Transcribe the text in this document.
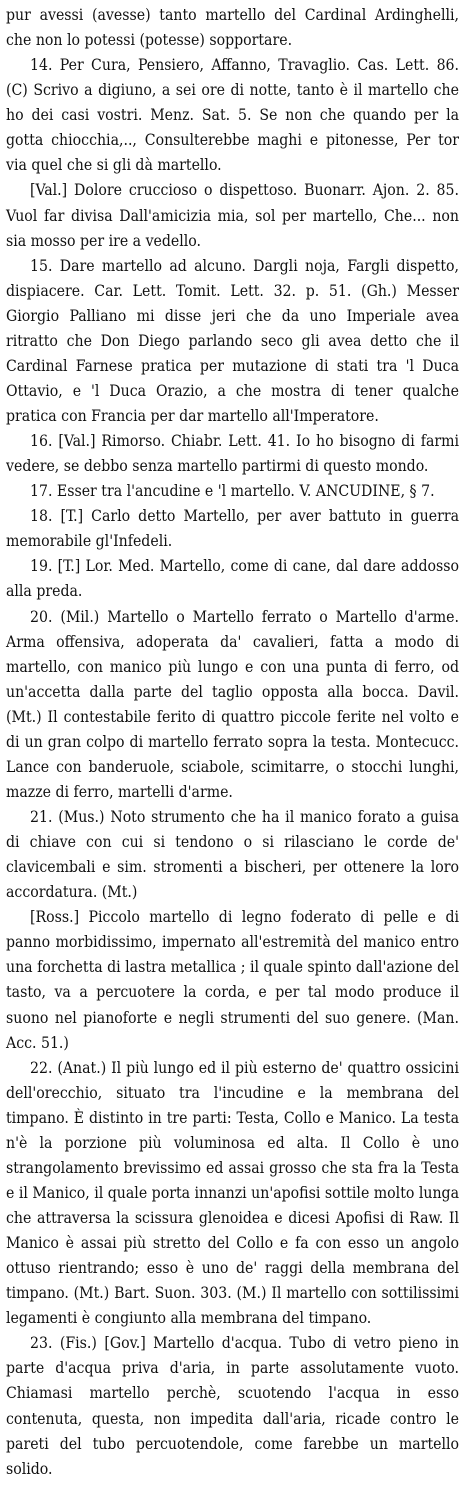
pur avessi (avesse) tanto martello del Cardinal Ardinghelli, che non lo potessi (potesse) sopportare.

14. Per Cura, Pensiero, Affanno, Travaglio. Cas. Lett. 86. (C) Scrivo a digiuno, a sei ore di notte, tanto è il martello che ho dei casi vostri. Menz. Sat. 5. Se non che quando per la gotta chiocchia,.., Consulterebbe maghi e pitonesse, Per tor via quel che si gli dà martello.

[Val.] Dolore cruccioso o dispettoso. Buonarr. Ajon. 2. 85. Vuol far divisa Dall'amicizia mia, sol per martello, Che... non sia mosso per ire a vedello.

15. Dare martello ad alcuno. Dargli noja, Fargli dispetto, dispiacere. Car. Lett. Tomit. Lett. 32. p. 51. (Gh.) Messer Giorgio Palliano mi disse jeri che da uno Imperiale avea ritratto che Don Diego parlando seco gli avea detto che il Cardinal Farnese pratica per mutazione di stati tra 'l Duca Ottavio, e 'l Duca Orazio, a che mostra di tener qualche pratica con Francia per dar martello all'Imperatore.

16. [Val.] Rimorso. Chiabr. Lett. 41. Io ho bisogno di farmi vedere, se debbo senza martello partirmi di questo mondo.

17. Esser tra l'ancudine e 'l martello. V. ANCUDINE, § 7.

18. [T.] Carlo detto Martello, per aver battuto in guerra memorabile gl'Infedeli.

19. [T.] Lor. Med. Martello, come di cane, dal dare addosso alla preda.

20. (Mil.) Martello o Martello ferrato o Martello d'arme. Arma offensiva, adoperata da' cavalieri, fatta a modo di martello, con manico più lungo e con una punta di ferro, od un'accetta dalla parte del taglio opposta alla bocca. Davil. (Mt.) Il contestabile ferito di quattro piccole ferite nel volto e di un gran colpo di martello ferrato sopra la testa. Montecucc. Lance con banderuole, sciabole, scimitarre, o stocchi lunghi, mazze di ferro, martelli d'arme.

21. (Mus.) Noto strumento che ha il manico forato a guisa di chiave con cui si tendono o si rilasciano le corde de' clavicembali e sim. stromenti a bischeri, per ottenere la loro accordatura. (Mt.)

[Ross.] Piccolo martello di legno foderato di pelle e di panno morbidissimo, impernato all'estremità del manico entro una forchetta di lastra metallica ; il quale spinto dall'azione del tasto, va a percuotere la corda, e per tal modo produce il suono nel pianoforte e negli strumenti del suo genere. (Man. Acc. 51.)

22. (Anat.) Il più lungo ed il più esterno de' quattro ossicini dell'orecchio, situato tra l'incudine e la membrana del timpano. È distinto in tre parti: Testa, Collo e Manico. La testa n'è la porzione più voluminosa ed alta. Il Collo è uno strangolamento brevissimo ed assai grosso che sta fra la Testa e il Manico, il quale porta innanzi un'apofisi sottile molto lunga che attraversa la scissura glenoidea e dicesi Apofisi di Raw. Il Manico è assai più stretto del Collo e fa con esso un angolo ottuso rientrando; esso è uno de' raggi della membrana del timpano. (Mt.) Bart. Suon. 303. (M.) Il martello con sottilissimi legamenti è congiunto alla membrana del timpano.

23. (Fis.) [Gov.] Martello d'acqua. Tubo di vetro pieno in parte d'acqua priva d'aria, in parte assolutamente vuoto. Chiamasi martello perchè, scuotendo l'acqua in esso contenuta, questa, non impedita dall'aria, ricade contro le pareti del tubo percuotendole, come farebbe un martello solido.
